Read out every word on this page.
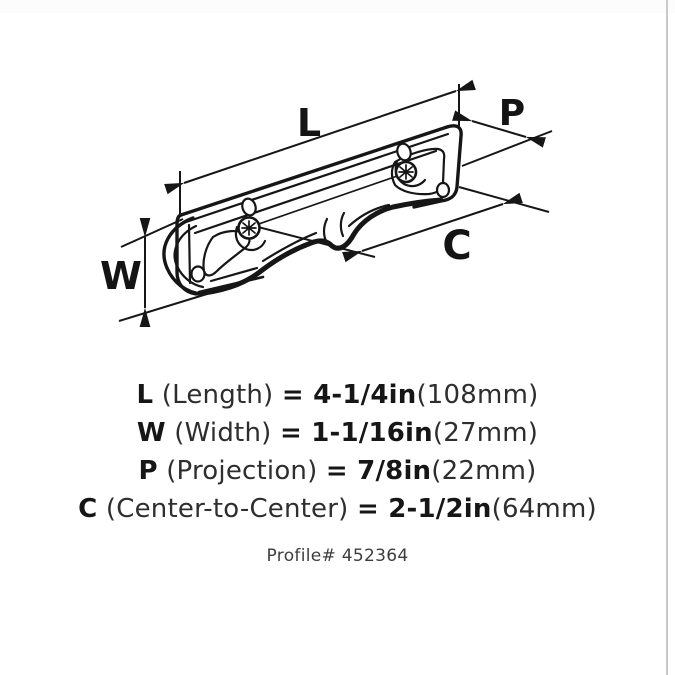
L
W
P
C
L (Length) = 4-1/4in(108mm)
W (Width) = 1-1/16in(27mm)
P (Projection) = 7/8in(22mm)
C (Center-to-Center) = 2-1/2in(64mm)
Profile# 452364
